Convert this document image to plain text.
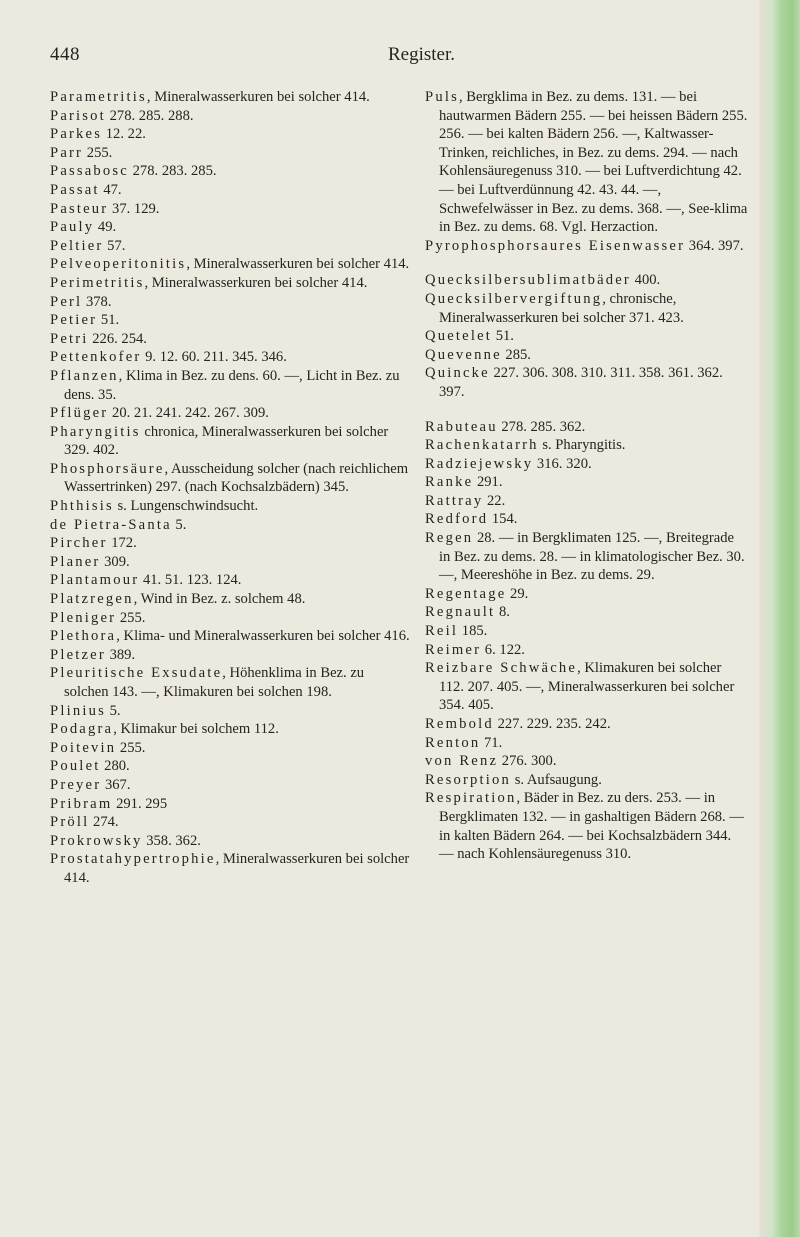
448	Register.

Parametritis, Mineralwasserkuren bei solcher 414.

Parisot 278. 285. 288.

Parkes 12. 22.

Parr 255.

Passabosc 278. 283. 285.

Passat 47.

Pasteur 37. 129.

Pauly 49.

Peltier 57.

Pelveoperitonitis, Mineralwasserkuren bei solcher 414.

Perimetritis, Mineralwasserkuren bei solcher 414.

Perl 378.

Petier 51.

Petri 226. 254.

Pettenkofer 9. 12. 60. 211. 345. 346.

Pflanzen, Klima in Bez. zu dens. 60. —, Licht in Bez. zu dens. 35.

Pflüger 20. 21. 241. 242. 267. 309.

Pharyngitis chronica, Mineralwasserkuren bei solcher 329. 402.

Phosphorsäure, Ausscheidung solcher (nach reichlichem Wassertrinken) 297. (nach Kochsalzbädern) 345.

Phthisis s. Lungenschwindsucht.

de Pietra-Santa 5.

Pircher 172.

Planer 309.

Plantamour 41. 51. 123. 124.

Platzregen, Wind in Bez. z. solchem 48.

Pleniger 255.

Plethora, Klima- und Mineralwasserkuren bei solcher 416.

Pletzer 389.

Pleuritische Exsudate, Höhenklima in Bez. zu solchen 143. —, Klimakuren bei solchen 198.

Plinius 5.

Podagra, Klimakur bei solchem 112.

Poitevin 255.

Poulet 280.

Preyer 367.

Pribram 291. 295

Pröll 274.

Prokrowsky 358. 362.

Prostatahypertrophie, Mineralwasserkuren bei solcher 414.

Puls, Bergklima in Bez. zu dems. 131. — bei hautwarmen Bädern 255. — bei heissen Bädern 255. 256. — bei kalten Bädern 256. —, Kaltwasser-Trinken, reichliches, in Bez. zu dems. 294. — nach Kohlensäuregenuss 310. — bei Luftverdichtung 42. — bei Luftverdünnung 42. 43. 44. —, Schwefelwässer in Bez. zu dems. 368. —, See-klima in Bez. zu dems. 68. Vgl. Herzaction.

Pyrophosphorsaures Eisenwasser 364. 397.

Quecksilbersublimatbäder 400.

Quecksilbervergiftung, chronische, Mineralwasserkuren bei solcher 371. 423.

Quetelet 51.

Quevenne 285.

Quincke 227. 306. 308. 310. 311. 358. 361. 362. 397.

Rabuteau 278. 285. 362.

Rachenkatarrh s. Pharyngitis.

Radziejewsky 316. 320.

Ranke 291.

Rattray 22.

Redford 154.

Regen 28. — in Bergklimaten 125. —, Breitegrade in Bez. zu dems. 28. — in klimatologischer Bez. 30. —, Meereshöhe in Bez. zu dems. 29.

Regentage 29.

Regnault 8.

Reil 185.

Reimer 6. 122.

Reizbare Schwäche, Klimakuren bei solcher 112. 207. 405. —, Mineralwasserkuren bei solcher 354. 405.

Rembold 227. 229. 235. 242.

Renton 71.

von Renz 276. 300.

Resorption s. Aufsaugung.

Respiration, Bäder in Bez. zu ders. 253. — in Bergklimaten 132. — in gashaltigen Bädern 268. — in kalten Bädern 264. — bei Kochsalzbädern 344. — nach Kohlensäuregenuss 310.
